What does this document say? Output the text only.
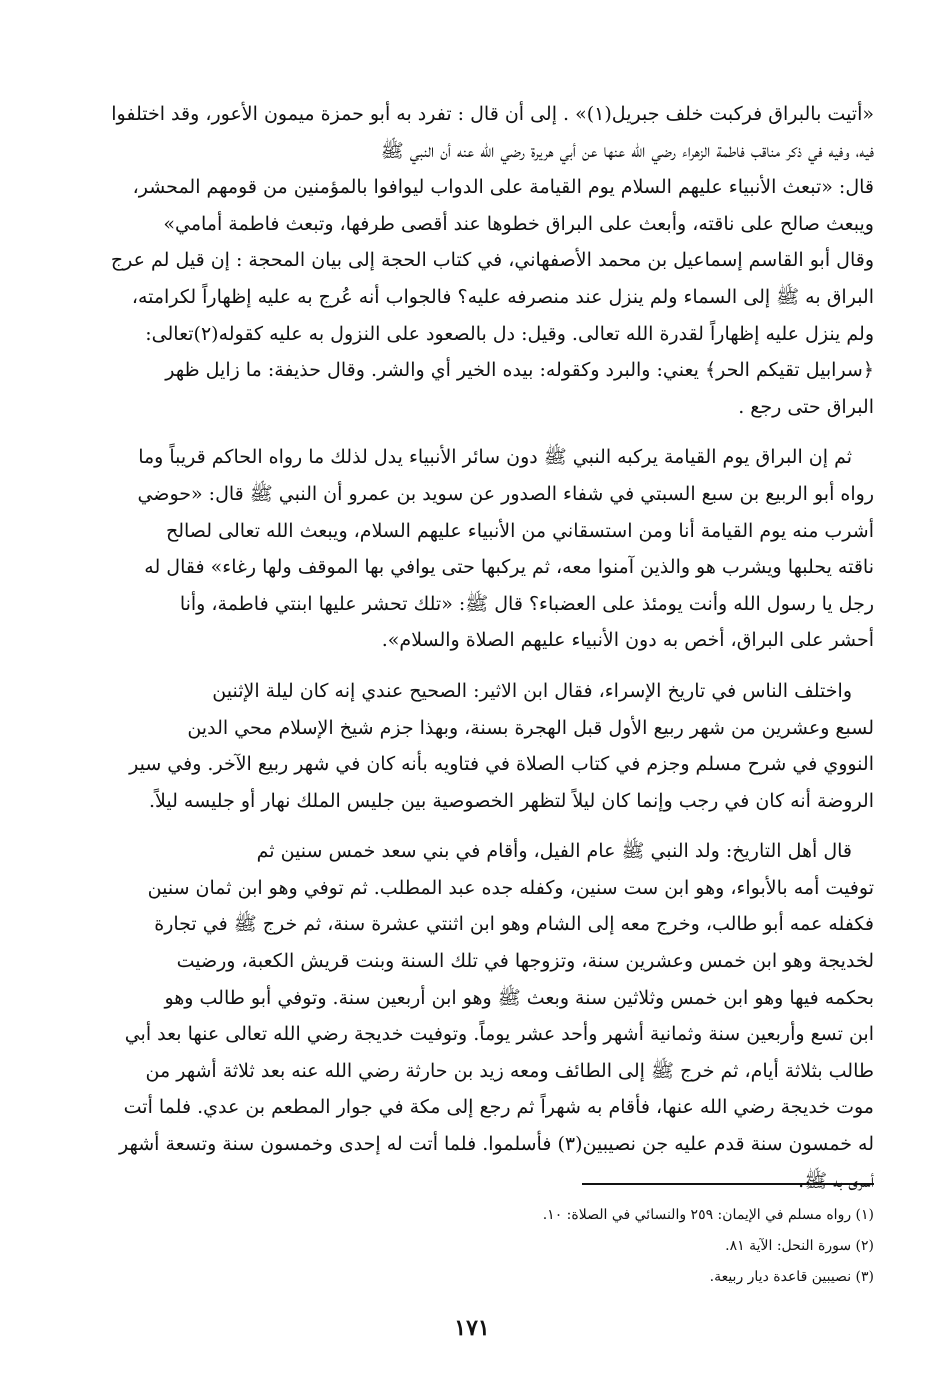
«أتيت بالبراق فركبت خلف جبريل(١)» . إلى أن قال : تفرد به أبو حمزة ميمون الأعور، وقد اختلفوا
فيه، وفيه في ذكر مناقب فاطمة الزهراء رضي الله عنها عن أبي هريرة رضي الله عنه أن النبي ﷺ
قال: «تبعث الأنبياء عليهم السلام يوم القيامة على الدواب ليوافوا بالمؤمنين من قومهم المحشر،
ويبعث صالح على ناقته، وأبعث على البراق خطوها عند أقصى طرفها، وتبعث فاطمة أمامي»
وقال أبو القاسم إسماعيل بن محمد الأصفهاني، في كتاب الحجة إلى بيان المحجة : إن قيل لم عرج
البراق به ﷺ إلى السماء ولم ينزل عند منصرفه عليه؟ فالجواب أنه عُرج به عليه إظهاراً لكرامته،
ولم ينزل عليه إظهاراً لقدرة الله تعالى. وقيل: دل بالصعود على النزول به عليه كقوله(٢)تعالى:
﴿سرابيل تقيكم الحر﴾ يعني: والبرد وكقوله: بيده الخير أي والشر. وقال حذيفة: ما زايل ظهر
البراق حتى رجع .
ثم إن البراق يوم القيامة يركبه النبي ﷺ دون سائر الأنبياء يدل لذلك ما رواه الحاكم قريباً وما
رواه أبو الربيع بن سبع السبتي في شفاء الصدور عن سويد بن عمرو أن النبي ﷺ قال: «حوضي
أشرب منه يوم القيامة أنا ومن استسقاني من الأنبياء عليهم السلام، ويبعث الله تعالى لصالح
ناقته يحلبها ويشرب هو والذين آمنوا معه، ثم يركبها حتى يوافي بها الموقف ولها رغاء» فقال له
رجل يا رسول الله وأنت يومئذ على العضباء؟ قال ﷺ: «تلك تحشر عليها ابنتي فاطمة، وأنا
أحشر على البراق، أخص به دون الأنبياء عليهم الصلاة والسلام».
واختلف الناس في تاريخ الإسراء، فقال ابن الاثير: الصحيح عندي إنه كان ليلة الإثنين
لسبع وعشرين من شهر ربيع الأول قبل الهجرة بسنة، وبهذا جزم شيخ الإسلام محي الدين
النووي في شرح مسلم وجزم في كتاب الصلاة في فتاويه بأنه كان في شهر ربيع الآخر. وفي سير
الروضة أنه كان في رجب وإنما كان ليلاً لتظهر الخصوصية بين جليس الملك نهار أو جليسه ليلاً.
قال أهل التاريخ: ولد النبي ﷺ عام الفيل، وأقام في بني سعد خمس سنين ثم
توفيت أمه بالأبواء، وهو ابن ست سنين، وكفله جده عبد المطلب. ثم توفي وهو ابن ثمان سنين
فكفله عمه أبو طالب، وخرج معه إلى الشام وهو ابن اثنتي عشرة سنة، ثم خرج ﷺ في تجارة
لخديجة وهو ابن خمس وعشرين سنة، وتزوجها في تلك السنة وبنت قريش الكعبة، ورضيت
بحكمه فيها وهو ابن خمس وثلاثين سنة وبعث ﷺ وهو ابن أربعين سنة. وتوفي أبو طالب وهو
ابن تسع وأربعين سنة وثمانية أشهر وأحد عشر يوماً. وتوفيت خديجة رضي الله تعالى عنها بعد أبي
طالب بثلاثة أيام، ثم خرج ﷺ إلى الطائف ومعه زيد بن حارثة رضي الله عنه بعد ثلاثة أشهر من
موت خديجة رضي الله عنها، فأقام به شهراً ثم رجع إلى مكة في جوار المطعم بن عدي. فلما أتت
له خمسون سنة قدم عليه جن نصيبين(٣) فأسلموا. فلما أتت له إحدى وخمسون سنة وتسعة أشهر
أسرى به ﷺ.
(١) رواه مسلم في الإيمان: ٢٥٩ والنسائي في الصلاة: ١٠.
(٢) سورة النحل: الآية ٨١.
(٣) نصيبين قاعدة ديار ربيعة.
١٧١
